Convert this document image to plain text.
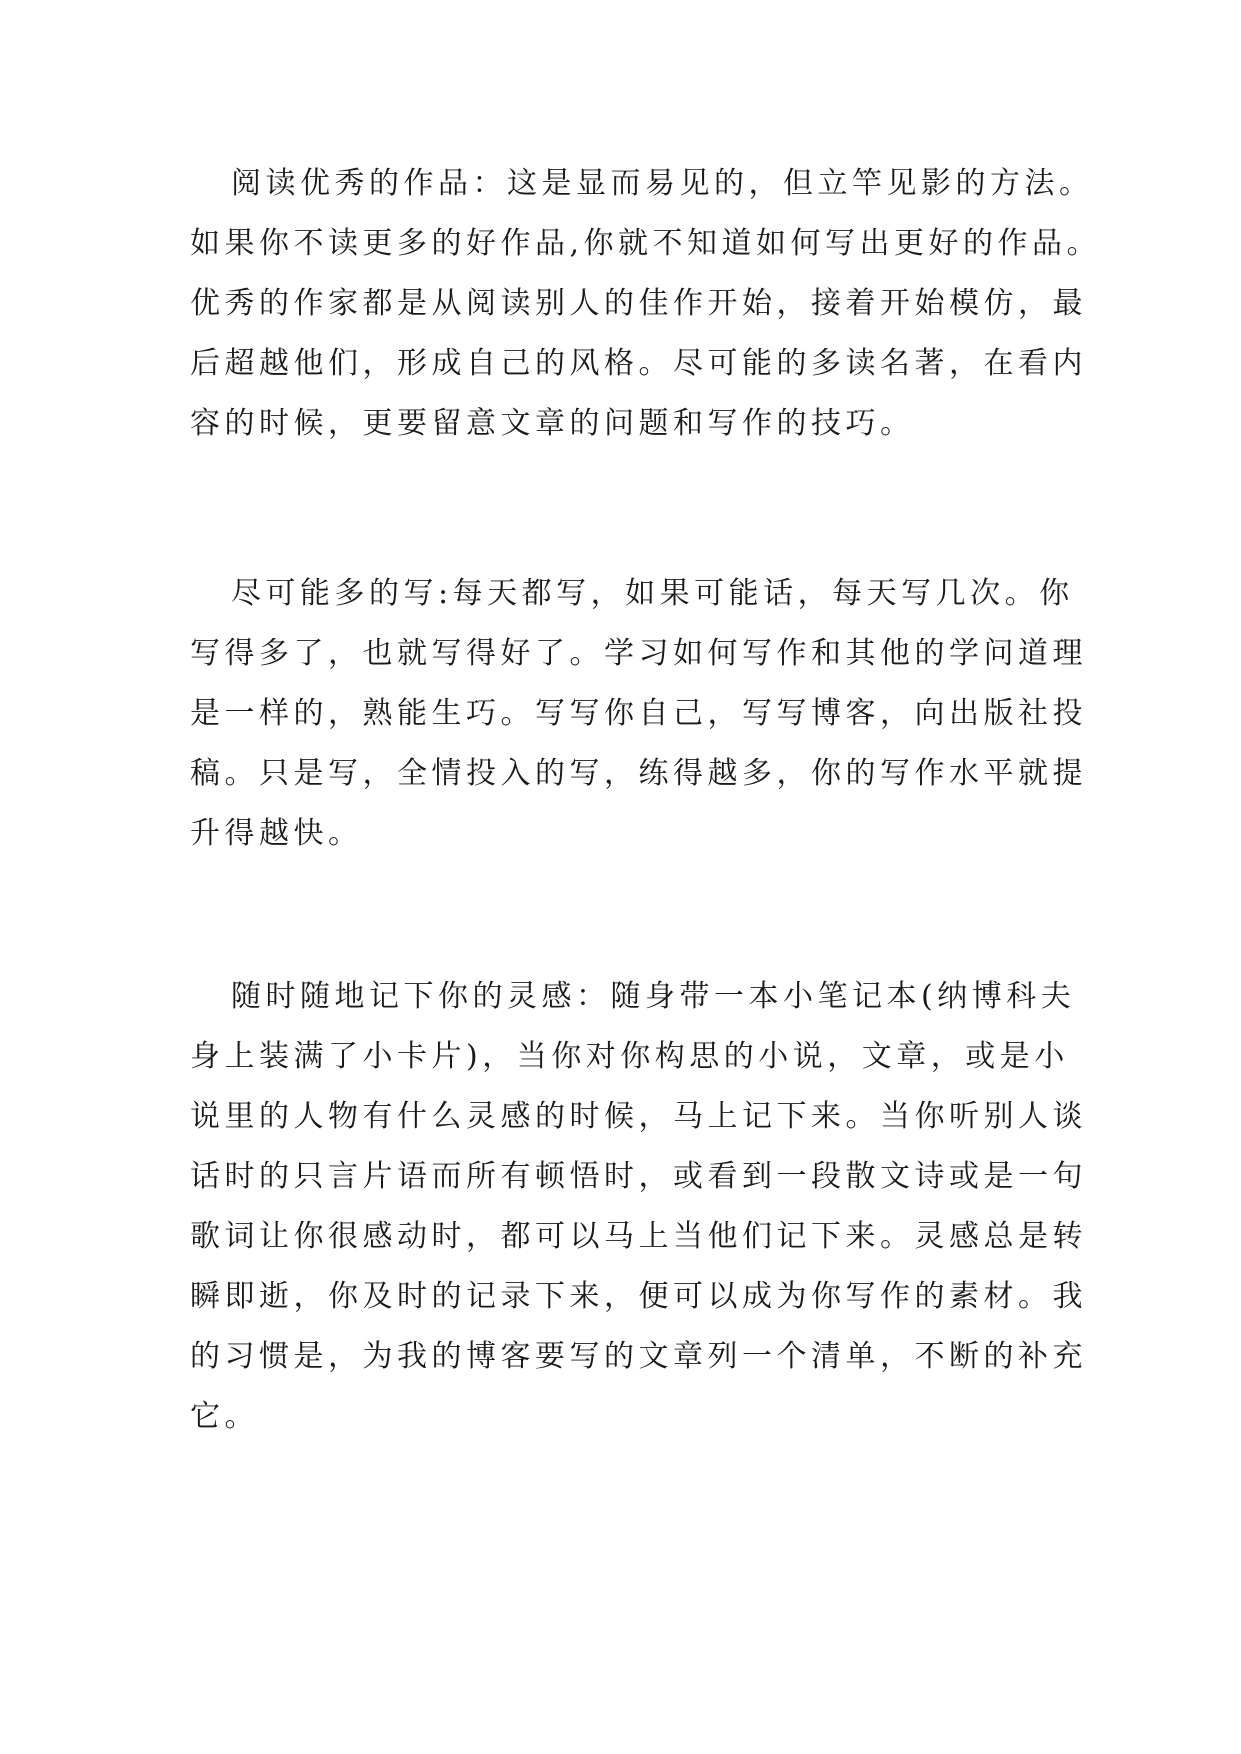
阅读优秀的作品：这是显而易见的，但立竿见影的方法。
如果你不读更多的好作品,你就不知道如何写出更好的作品。
优秀的作家都是从阅读别人的佳作开始，接着开始模仿，最
后超越他们，形成自己的风格。尽可能的多读名著，在看内
容的时候，更要留意文章的问题和写作的技巧。
尽可能多的写:每天都写，如果可能话，每天写几次。你
写得多了，也就写得好了。学习如何写作和其他的学问道理
是一样的，熟能生巧。写写你自己，写写博客，向出版社投
稿。只是写，全情投入的写，练得越多，你的写作水平就提
升得越快。
随时随地记下你的灵感：随身带一本小笔记本(纳博科夫
身上装满了小卡片)，当你对你构思的小说，文章，或是小
说里的人物有什么灵感的时候，马上记下来。当你听别人谈
话时的只言片语而所有顿悟时，或看到一段散文诗或是一句
歌词让你很感动时，都可以马上当他们记下来。灵感总是转
瞬即逝，你及时的记录下来，便可以成为你写作的素材。我
的习惯是，为我的博客要写的文章列一个清单，不断的补充
它。
